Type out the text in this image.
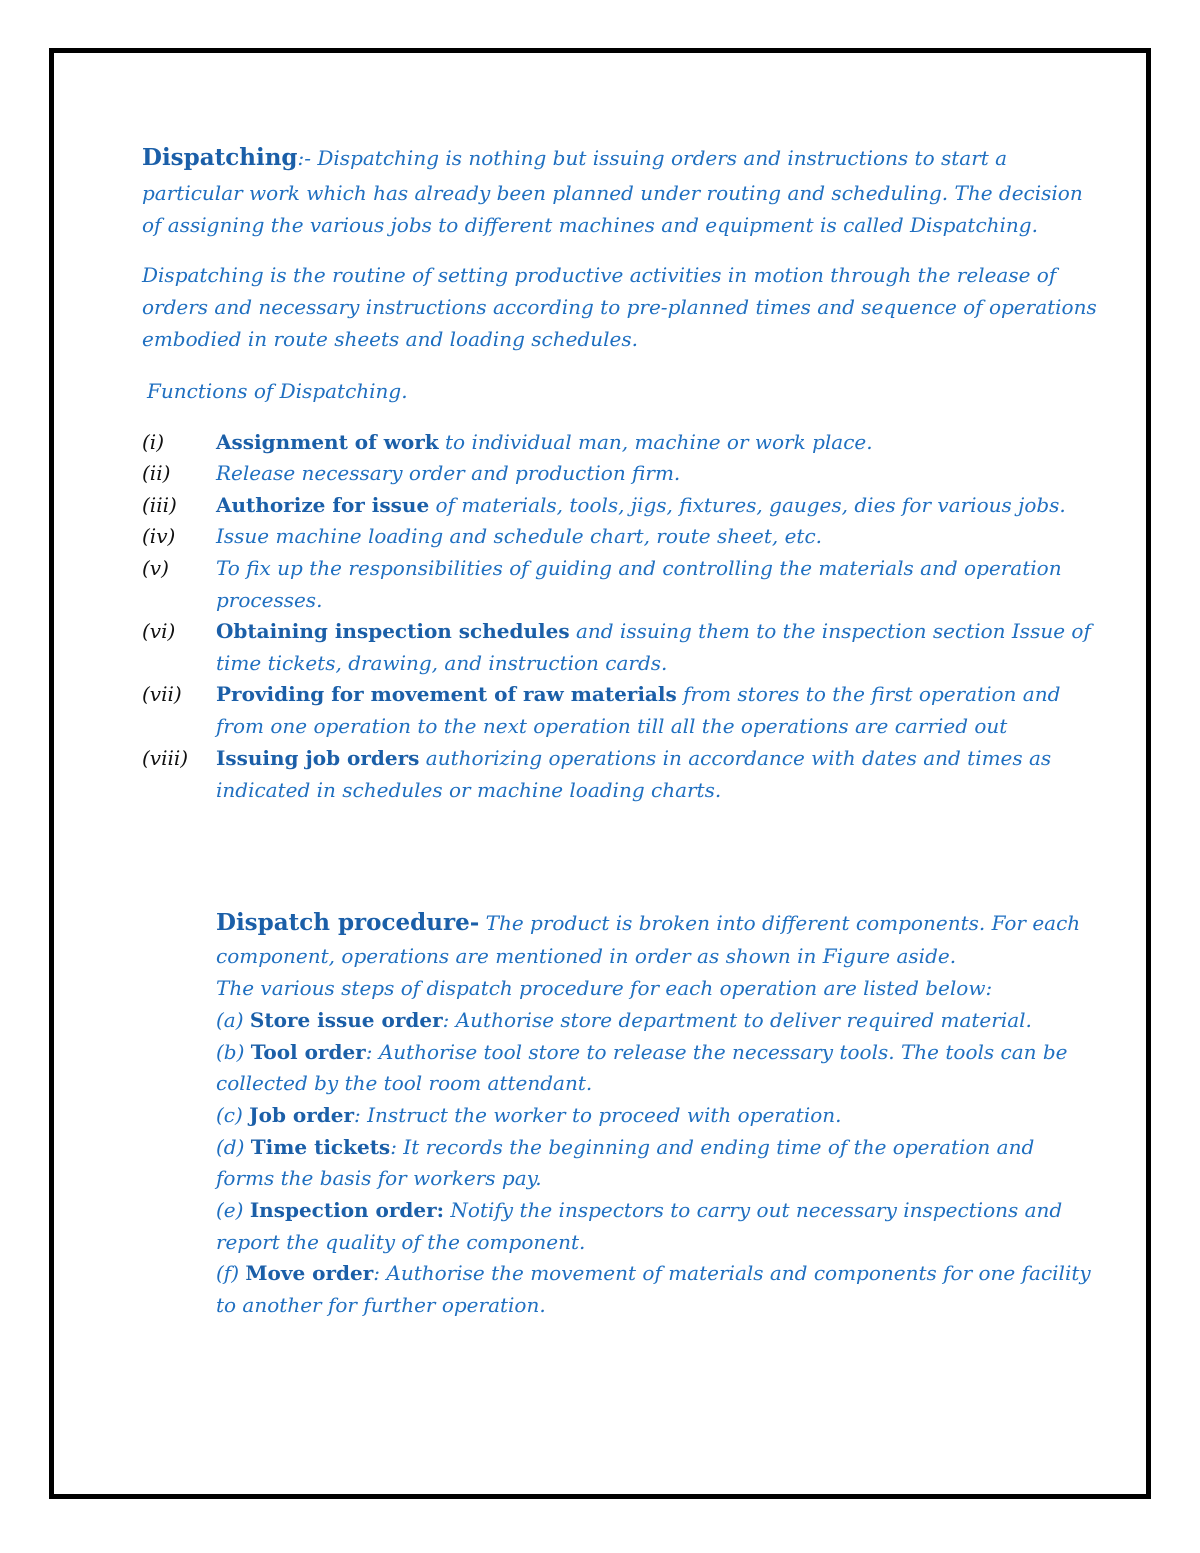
Dispatching:- Dispatching is nothing but issuing orders and instructions to start a
particular work which has already been planned under routing and scheduling. The decision
of assigning the various jobs to different machines and equipment is called Dispatching.
Dispatching is the routine of setting productive activities in motion through the release of
orders and necessary instructions according to pre-planned times and sequence of operations
embodied in route sheets and loading schedules.
Functions of Dispatching.
(i)	Assignment of work to individual man, machine or work place.
(ii) Release necessary order and production firm.
(iii) Authorize for issue of materials, tools, jigs, fixtures, gauges, dies for various jobs.
(iv) Issue machine loading and schedule chart, route sheet, etc.
(v) To fix up the responsibilities of guiding and controlling the materials and operation
processes.
(vi) Obtaining inspection schedules and issuing them to the inspection section Issue of
time tickets, drawing, and instruction cards.
(vii) Providing for movement of raw materials from stores to the first operation and
from one operation to the next operation till all the operations are carried out
(viii) Issuing job orders authorizing operations in accordance with dates and times as
indicated in schedules or machine loading charts.
Dispatch procedure- The product is broken into different components. For each
component, operations are mentioned in order as shown in Figure aside.
The various steps of dispatch procedure for each operation are listed below:
(a) Store issue order: Authorise store department to deliver required material.
(b) Tool order: Authorise tool store to release the necessary tools. The tools can be
collected by the tool room attendant.
(c) Job order: Instruct the worker to proceed with operation.
(d) Time tickets: It records the beginning and ending time of the operation and
forms the basis for workers pay.
(e) Inspection order: Notify the inspectors to carry out necessary inspections and
report the quality of the component.
(f) Move order: Authorise the movement of materials and components for one facility
to another for further operation.
